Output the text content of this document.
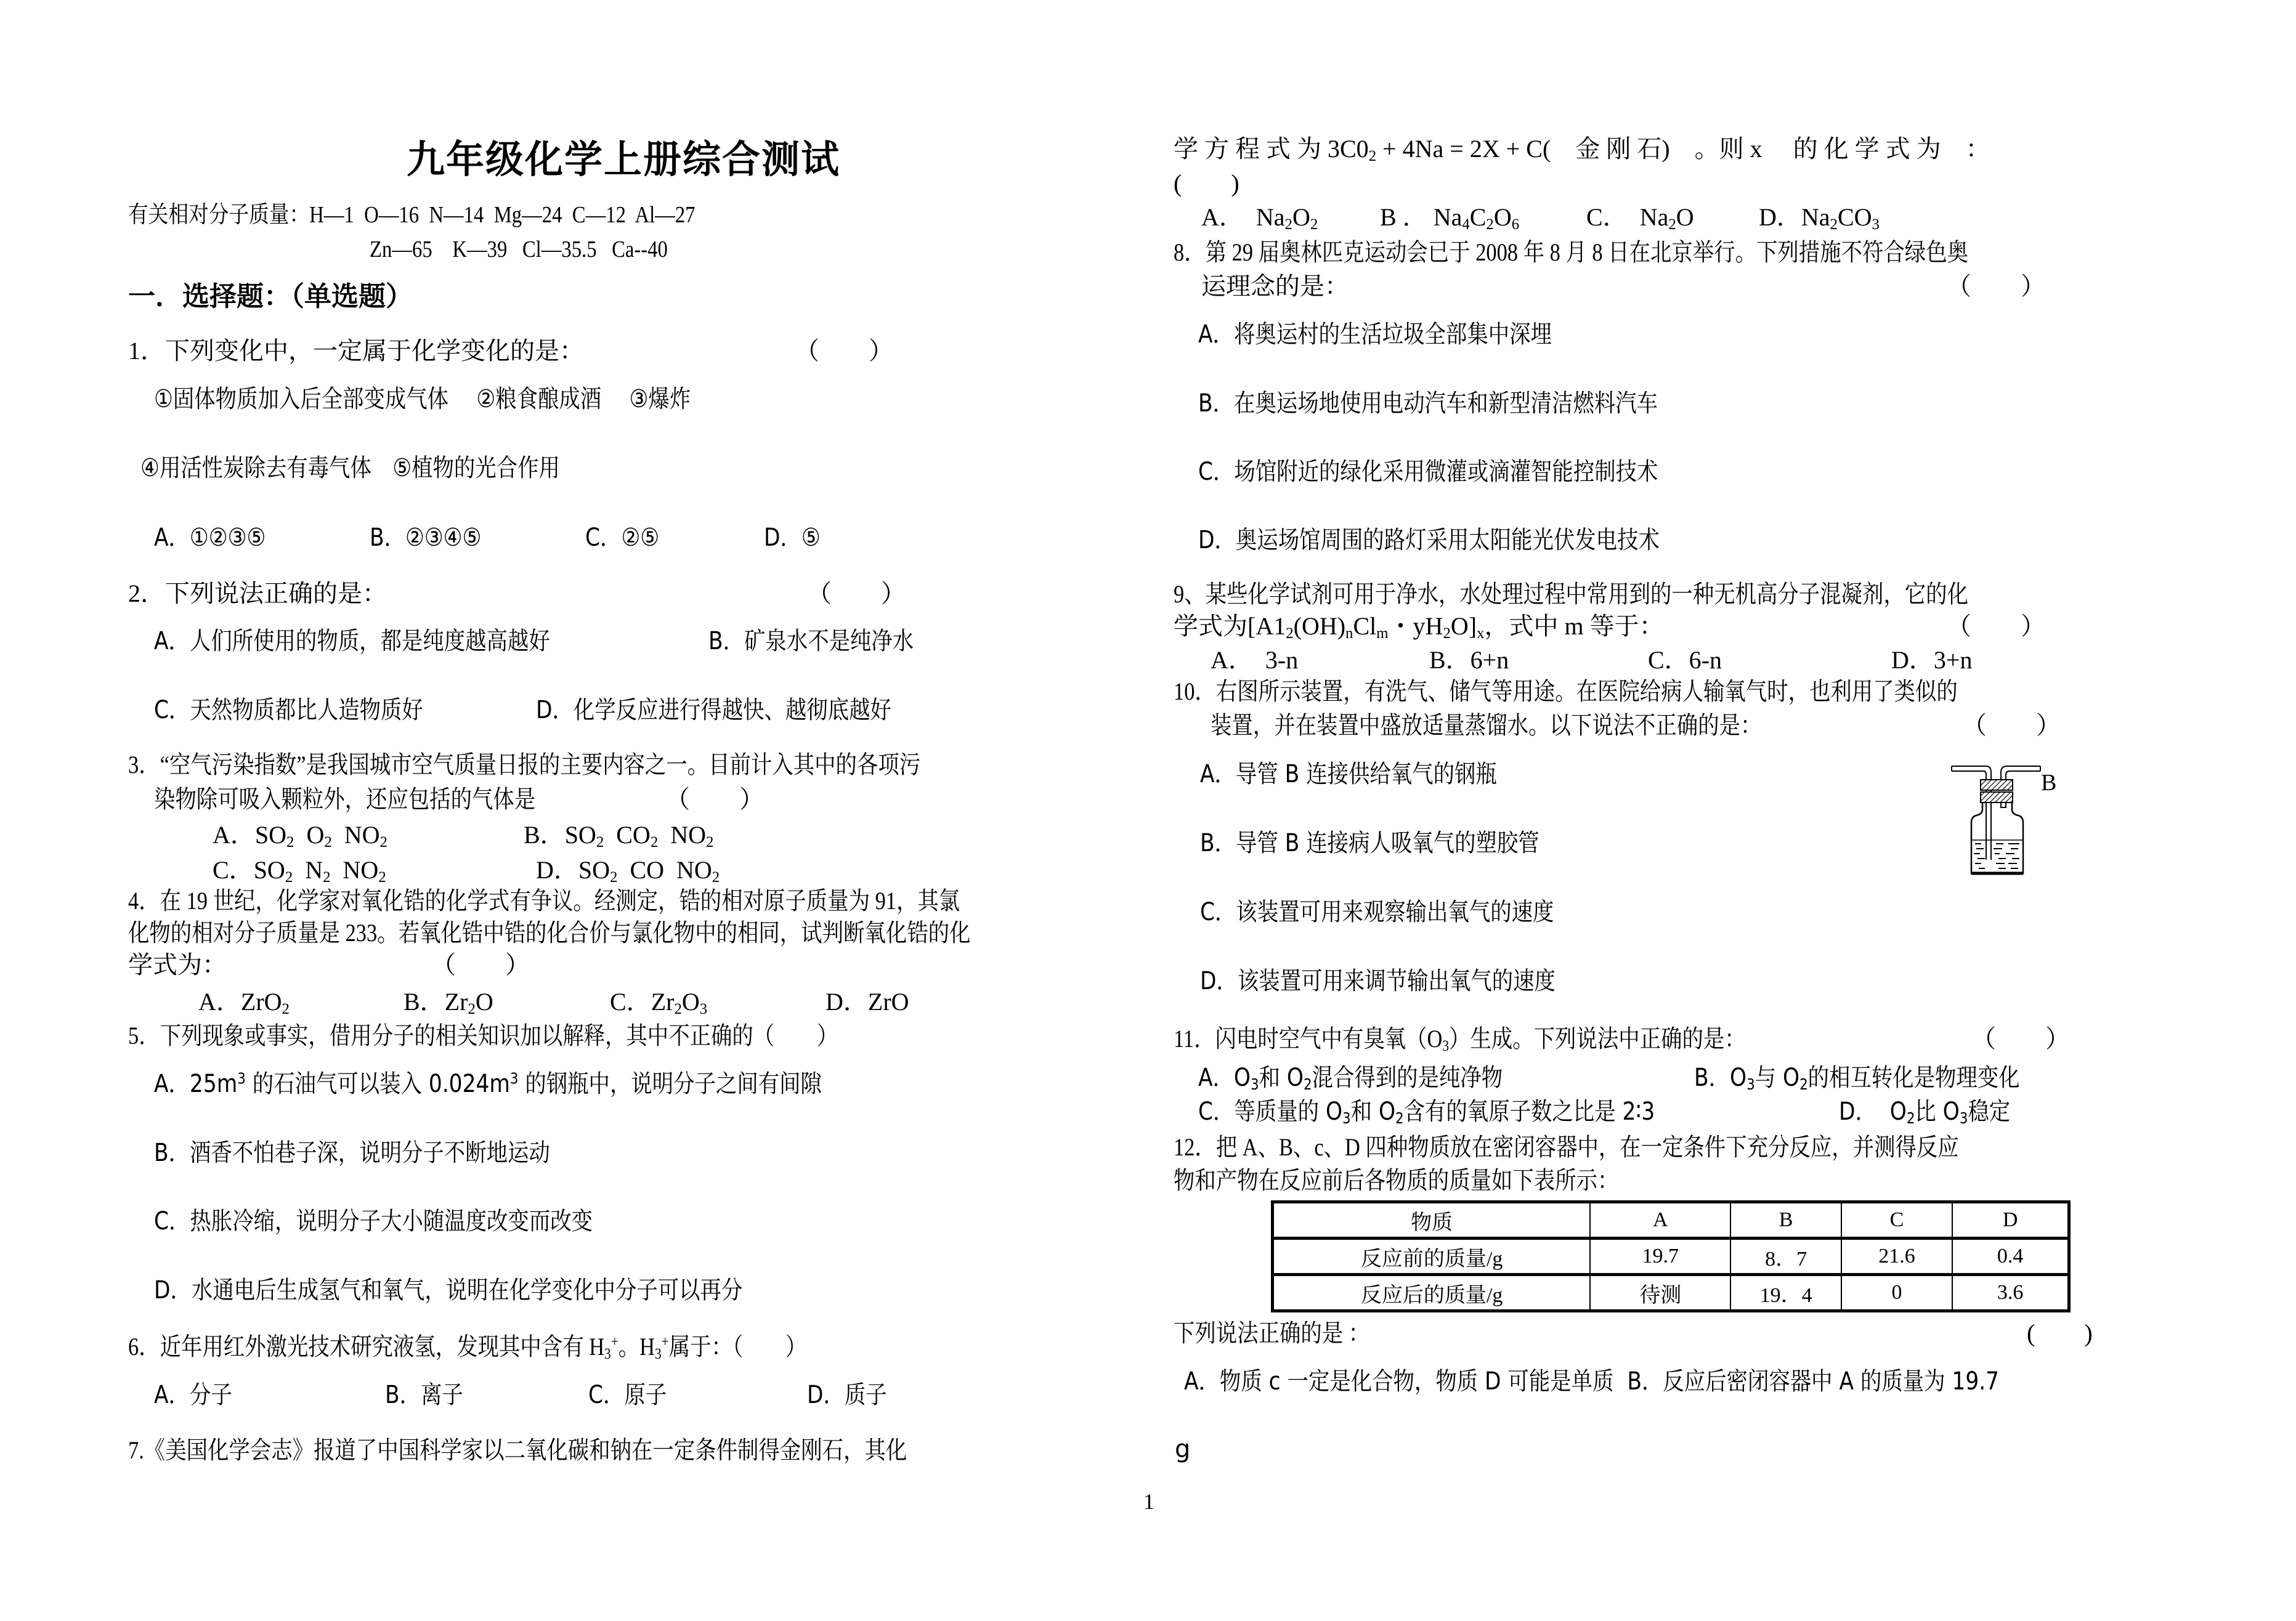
九年级化学上册综合测试
有关相对分子质量：H—1  O—16  N—14  Mg—24  C—12  Al—27
Zn—65    K—39   Cl—35.5   Ca--40
一．选择题：（单选题）
1．下列变化中，一定属于化学变化的是：	（　　）
①固体物质加入后全部变成气体　 ②粮食酿成酒　 ③爆炸
④用活性炭除去有毒气体　⑤植物的光合作用
A．①②③⑤	B．②③④⑤	C．②⑤	D．⑤
2．下列说法正确的是：	（　　）
A．人们所使用的物质，都是纯度越高越好	B．矿泉水不是纯净水
C．天然物质都比人造物质好	D．化学反应进行得越快、越彻底越好
3．“空气污染指数”是我国城市空气质量日报的主要内容之一。目前计入其中的各项污
染物除可吸入颗粒外，还应包括的气体是	（　　）
A．$SO_2$ $O_2$ $NO_2$	B．$SO_2$ $CO_2$ $NO_2$
C．$SO_2$ $N_2$ $NO_2$	D．$SO_2$ CO $NO_2$
4．在 19 世纪，化学家对氧化锆的化学式有争议。经测定，锆的相对原子质量为 91，其氯
化物的相对分子质量是 233。若氧化锆中锆的化合价与氯化物中的相同，试判断氧化锆的化
学式为：	（　　）
A．ZrO$_2$	B．$Zr_2O$	C．$Zr_2O_3$	D．ZrO
5．下列现象或事实，借用分子的相关知识加以解释，其中不正确的（　　）
A．$25m^3$ 的石油气可以装入 $0.024m^3$ 的钢瓶中，说明分子之间有间隙
B．酒香不怕巷子深，说明分子不断地运动
C．热胀冷缩，说明分子大小随温度改变而改变
D．水通电后生成氢气和氧气，说明在化学变化中分子可以再分
6．近年用红外激光技术研究液氢，发现其中含有 $H_3^+$。$H_3^+$属于：（　　）
A．分子	B．离子	C．原子	D．质子
7.《美国化学会志》报道了中国科学家以二氧化碳和钠在一定条件制得金刚石，其化
1
学 方 程 式 为 $3C0_2 + 4Na = 2X + C$(　金 刚 石)　。则 x　 的 化 学 式 为　：
(　　)
A． $Na_2O_2$	B ． $Na_4C_2O_6$	C． $Na_2O$	D．$Na_2CO_3$
8．第 29 届奥林匹克运动会已于 2008 年 8 月 8 日在北京举行。下列措施不符合绿色奥
运理念的是：	（　　）
A．将奥运村的生活垃圾全部集中深埋
B．在奥运场地使用电动汽车和新型清洁燃料汽车
C．场馆附近的绿化采用微灌或滴灌智能控制技术
D．奥运场馆周围的路灯采用太阳能光伏发电技术
9、某些化学试剂可用于净水，水处理过程中常用到的一种无机高分子混凝剂，它的化
学式为[$A1_2(OH)_nCl_m$・$yH_2O]_x$，式中 m 等于：	（　　）
A．  3-n	B．6+n	C．6-n	D．3+n
10．右图所示装置，有洗气、储气等用途。在医院给病人输氧气时，也利用了类似的
装置，并在装置中盛放适量蒸馏水。以下说法不正确的是：	（　　）
A．导管 B 连接供给氧气的钢瓶
B．导管 B 连接病人吸氧气的塑胶管
C．该装置可用来观察输出氧气的速度
D．该装置可用来调节输出氧气的速度
B
11．闪电时空气中有臭氧$(O_3)$生成。下列说法中正确的是：	（　　）
A．$O_3$和 $O_2$混合得到的是纯净物	B．$O_3$与 $O_2$的相互转化是物理变化
C．等质量的 $O_3$和 $O_2$含有的氧原子数之比是 2∶3	D．  $O_2$比 $O_3$稳定
12．把 A、B、c、D 四种物质放在密闭容器中，在一定条件下充分反应，并测得反应
物和产物在反应前后各物质的质量如下表所示：
物质	A	B	C	D
反应前的质量/g	19.7	8．7	21.6	0.4
反应后的质量/g	待测	19．4	0	3.6
下列说法正确的是 ：	(　　)
A．物质 c 一定是化合物，物质 D 可能是单质  B．反应后密闭容器中 A 的质量为 19.7
g
